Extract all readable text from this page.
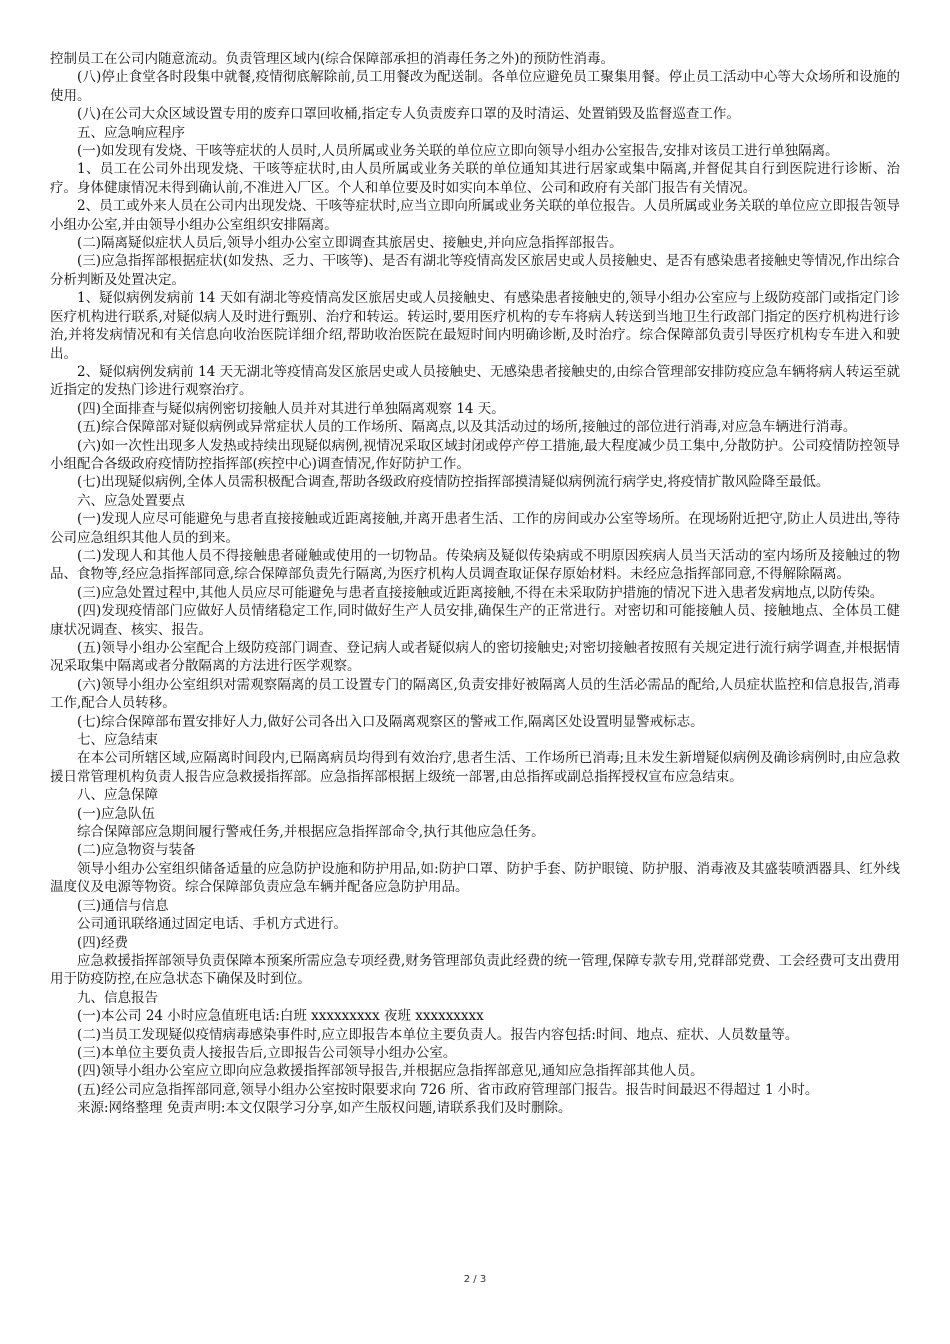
控制员工在公司内随意流动。负责管理区域内(综合保障部承担的消毒任务之外)的预防性消毒。

(八)停止食堂各时段集中就餐,疫情彻底解除前,员工用餐改为配送制。各单位应避免员工聚集用餐。停止员工活动中心等大众场所和设施的使用。

(八)在公司大众区域设置专用的废弃口罩回收桶,指定专人负责废弃口罩的及时清运、处置销毁及监督巡查工作。

五、应急响应程序

(一)如发现有发烧、干咳等症状的人员时,人员所属或业务关联的单位应立即向领导小组办公室报告,安排对该员工进行单独隔离。

1、员工在公司外出现发烧、干咳等症状时,由人员所属或业务关联的单位通知其进行居家或集中隔离,并督促其自行到医院进行诊断、治疗。身体健康情况未得到确认前,不准进入厂区。个人和单位要及时如实向本单位、公司和政府有关部门报告有关情况。

2、员工或外来人员在公司内出现发烧、干咳等症状时,应当立即向所属或业务关联的单位报告。人员所属或业务关联的单位应立即报告领导小组办公室,并由领导小组办公室组织安排隔离。

(二)隔离疑似症状人员后,领导小组办公室立即调查其旅居史、接触史,并向应急指挥部报告。

(三)应急指挥部根据症状(如发热、乏力、干咳等)、是否有湖北等疫情高发区旅居史或人员接触史、是否有感染患者接触史等情况,作出综合分析判断及处置决定。

1、疑似病例发病前 14 天如有湖北等疫情高发区旅居史或人员接触史、有感染患者接触史的,领导小组办公室应与上级防疫部门或指定门诊医疗机构进行联系,对疑似病人及时进行甄别、治疗和转运。转运时,要用医疗机构的专车将病人转送到当地卫生行政部门指定的医疗机构进行诊治,并将发病情况和有关信息向收治医院详细介绍,帮助收治医院在最短时间内明确诊断,及时治疗。综合保障部负责引导医疗机构专车进入和驶出。

2、疑似病例发病前 14 天无湖北等疫情高发区旅居史或人员接触史、无感染患者接触史的,由综合管理部安排防疫应急车辆将病人转运至就近指定的发热门诊进行观察治疗。

(四)全面排查与疑似病例密切接触人员并对其进行单独隔离观察 14 天。

(五)综合保障部对疑似病例或异常症状人员的工作场所、隔离点,以及其活动过的场所,接触过的部位进行消毒,对应急车辆进行消毒。

(六)如一次性出现多人发热或持续出现疑似病例,视情况采取区域封闭或停产停工措施,最大程度减少员工集中,分散防护。公司疫情防控领导小组配合各级政府疫情防控指挥部(疾控中心)调查情况,作好防护工作。

(七)出现疑似病例,全体人员需积极配合调查,帮助各级政府疫情防控指挥部摸清疑似病例流行病学史,将疫情扩散风险降至最低。

六、应急处置要点

(一)发现人应尽可能避免与患者直接接触或近距离接触,并离开患者生活、工作的房间或办公室等场所。在现场附近把守,防止人员进出,等待公司应急组织其他人员的到来。

(二)发现人和其他人员不得接触患者碰触或使用的一切物品。传染病及疑似传染病或不明原因疾病人员当天活动的室内场所及接触过的物品、食物等,经应急指挥部同意,综合保障部负责先行隔离,为医疗机构人员调查取证保存原始材料。未经应急指挥部同意,不得解除隔离。

(三)应急处置过程中,其他人员应尽可能避免与患者直接接触或近距离接触,不得在未采取防护措施的情况下进入患者发病地点,以防传染。

(四)发现疫情部门应做好人员情绪稳定工作,同时做好生产人员安排,确保生产的正常进行。对密切和可能接触人员、接触地点、全体员工健康状况调查、核实、报告。

(五)领导小组办公室配合上级防疫部门调查、登记病人或者疑似病人的密切接触史;对密切接触者按照有关规定进行流行病学调查,并根据情况采取集中隔离或者分散隔离的方法进行医学观察。

(六)领导小组办公室组织对需观察隔离的员工设置专门的隔离区,负责安排好被隔离人员的生活必需品的配给,人员症状监控和信息报告,消毒工作,配合人员转移。

(七)综合保障部布置安排好人力,做好公司各出入口及隔离观察区的警戒工作,隔离区处设置明显警戒标志。

七、应急结束

在本公司所辖区域,应隔离时间段内,已隔离病员均得到有效治疗,患者生活、工作场所已消毒;且未发生新增疑似病例及确诊病例时,由应急救援日常管理机构负责人报告应急救援指挥部。应急指挥部根据上级统一部署,由总指挥或副总指挥授权宣布应急结束。

八、应急保障

(一)应急队伍

综合保障部应急期间履行警戒任务,并根据应急指挥部命令,执行其他应急任务。

(二)应急物资与装备

领导小组办公室组织储备适量的应急防护设施和防护用品,如:防护口罩、防护手套、防护眼镜、防护服、消毒液及其盛装喷洒器具、红外线温度仪及电源等物资。综合保障部负责应急车辆并配备应急防护用品。

(三)通信与信息

公司通讯联络通过固定电话、手机方式进行。

(四)经费

应急救援指挥部领导负责保障本预案所需应急专项经费,财务管理部负责此经费的统一管理,保障专款专用,党群部党费、工会经费可支出费用用于防疫防控,在应急状态下确保及时到位。

九、信息报告

(一)本公司 24 小时应急值班电话:白班 xxxxxxxxx 夜班 xxxxxxxxx

(二)当员工发现疑似疫情病毒感染事件时,应立即报告本单位主要负责人。报告内容包括:时间、地点、症状、人员数量等。

(三)本单位主要负责人接报告后,立即报告公司领导小组办公室。

(四)领导小组办公室应立即向应急救援指挥部领导报告,并根据应急指挥部意见,通知应急指挥部其他人员。

(五)经公司应急指挥部同意,领导小组办公室按时限要求向 726 所、省市政府管理部门报告。报告时间最迟不得超过 1 小时。

来源:网络整理 免责声明:本文仅限学习分享,如产生版权问题,请联系我们及时删除。

2 / 3
